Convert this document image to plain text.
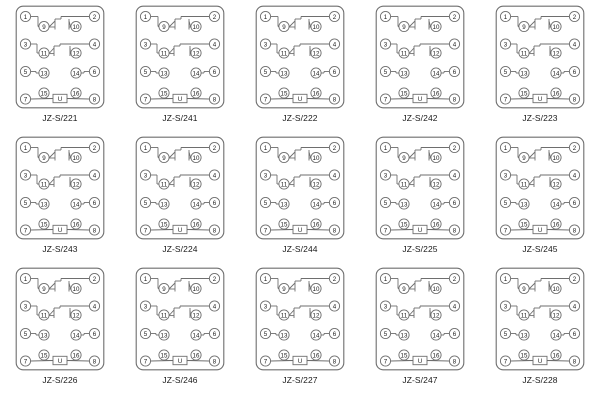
U
1	2
9	10
3	4
11	12
5	6
13	14
7	8
15	16
JZ-S/221
U
1	2
9	10
3	4
11	12
5	6
13	14
7	8
15	16
JZ-S/241
U
1	2
9	10
3	4
11	12
5	6
13	14
7	8
15	16
JZ-S/222
U
1	2
9	10
3	4
11	12
5	6
13	14
7	8
15	16
JZ-S/242
U
1	2
9	10
3	4
11	12
5	6
13	14
7	8
15	16
JZ-S/223
U
1	2
9	10
3	4
11	12
5	6
13	14
7	8
15	16
JZ-S/243
U
1	2
9	10
3	4
11	12
5	6
13	14
7	8
15	16
JZ-S/224
U
1	2
9	10
3	4
11	12
5	6
13	14
7	8
15	16
JZ-S/244
U
1	2
9	10
3	4
11	12
5	6
13	14
7	8
15	16
JZ-S/225
U
1	2
9	10
3	4
11	12
5	6
13	14
7	8
15	16
JZ-S/245
U
1	2
9	10
3	4
11	12
5	6
13	14
7	8
15	16
JZ-S/226
U
1	2
9	10
3	4
11	12
5	6
13	14
7	8
15	16
JZ-S/246
U
1	2
9	10
3	4
11	12
5	6
13	14
7	8
15	16
JZ-S/227
U
1	2
9	10
3	4
11	12
5	6
13	14
7	8
15	16
JZ-S/247
U
1	2
9	10
3	4
11	12
5	6
13	14
7	8
15	16
JZ-S/228
